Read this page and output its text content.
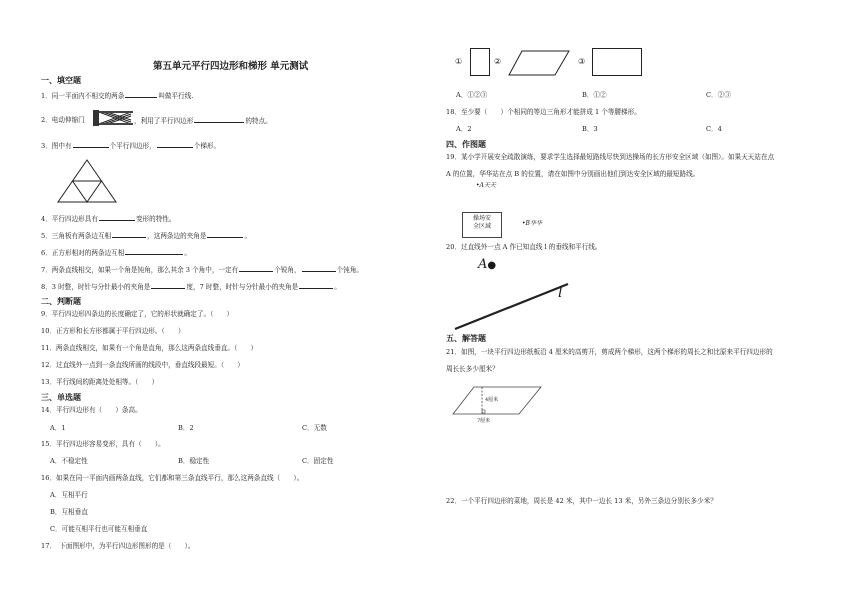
第五单元平行四边形和梯形 单元测试
一、填空题
1．同一平面内不相交的两条	叫做平行线.
2．电动伸缩门	，利用了平行四边形	的特点。
3．图中有	个平行四边形，	个梯形。
4．平行四边形具有	变形的特性。
5．三角板有两条边互相	，这两条边的夹角是	。
6．正方形相对的两条边互相	。
7．两条直线相交，如果一个角是钝角，那么其余 3 个角中，一定有	个锐角，	个钝角。
8．3 时整，时针与分针最小的夹角是	度，7 时整，时针与分针最小的夹角是	。
二、判断题
9．平行四边形四条边的长度确定了，它的形状就确定了。（　　）
10．正方形和长方形都属于平行四边形。（　　）
11．两条直线相交，如果有一个角是直角，那么这两条直线垂直。（　　）
12．过直线外一点到一条直线所画的线段中，垂直线段最短。（　　）
13．平行线间的距离处处相等。（　　）
三、单选题
14．平行四边形有（　　）条高。
A．1	B．2	C．无数
15．平行四边形容易变形，具有（　　）。
A．不稳定性	B．稳定性	C．固定性
16．如果在同一平面内画两条直线，它们都和第三条直线平行，那么这两条直线（　　）。
A．互相平行
B．互相垂直
C．可能互相平行也可能互相垂直
17．　下面图形中，为平行四边形图形的是（　　）。
①	②	③
A．①②③	B．①②	C．②③
18．至少要（　　）个相同的等边三角形才能拼成 1 个等腰梯形。
A．2	B．3	C．4
四、作图题
19．某小学开展安全疏散演练，要求学生选择最短路线尽快到达操场的长方形安全区域（如图）。如果天天站在点
A 的位置，华华站在点 B 的位置，请在如图中分别画出他们到达安全区域的最短路线。
•A天天
操场安
全区域	•B华华
20．过直线外一点 A 作已知直线 l 的垂线和平行线。
A●
l
五、解答题
21．如图，一块平行四边形纸板沿 4 厘米的高剪开，剪成两个梯形，这两个梯形的周长之和比原来平行四边形的
周长长多少厘米？
4厘米
7厘米
22．一个平行四边形的菜地，周长是 42 米，其中一边长 13 米，另外三条边分别长多少米？
